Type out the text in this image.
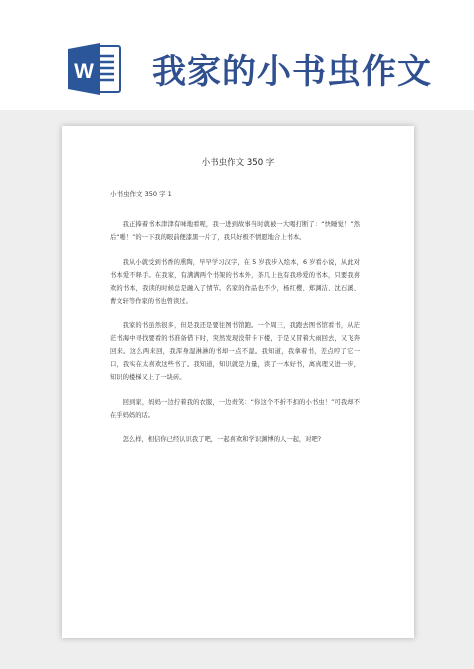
W 我家的小书虫作文
小书虫作文 350 字
小书虫作文 350 字 1

我正捧着书本津津有味地看呢，我一进到故事当时就被一大喝打断了：“快睡觉！”然后“啪！”的一下我的眼前便漆黑一片了，我只好极不情愿地合上书本。

我从小就受到书香的熏陶，早早学习汉字，在 5 岁我步入绘本，6 岁看小说，从此对书本爱不释手。在我家，有满满两个书架的书本外，茶几上也有我珍爱的书本，只要我喜欢的书本，我读的时候总是融入了情节。名家的作品也不少，杨红樱、郑渊洁、沈石溪、曹文轩等作家的书也曾读过。

我家的书虽然很多，但是我还是要往图书馆跑。一个周三，我跑去图书馆看书，从茫茫书海中寻找要看的书准备借下时，突然发现没带卡下楼，于是又冒着大雨回去，又飞奔回来。这么两来回，我浑身湿淋淋的书却一点不湿。我知道，我拿着书，差点哼了它一口，我实在太喜欢这些书了。我知道，知识就是力量，读了一本好书，离真理又进一步，知识的楼梯又上了一块砖。

回到家，妈妈一边拧着我的衣服，一边责笑：“你这个不折不扣的小书虫！”可我却不在乎妈妈的话。

怎么样，相信你已经认识我了吧，一起喜欢和学识渊博的人一起，对吧?
